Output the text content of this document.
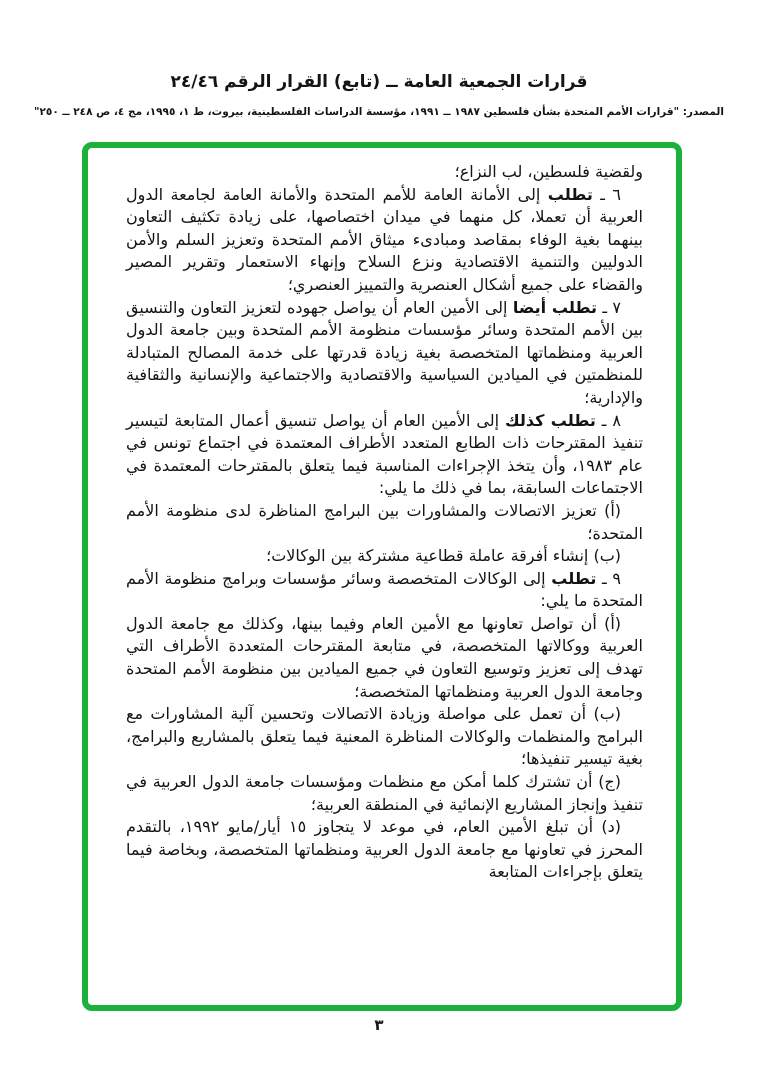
قرارات الجمعية العامة ــ (تابع) القرار الرقم ٢٤/٤٦
المصدر: "قرارات الأمم المتحدة بشأن فلسطين ١٩٨٧ ــ ١٩٩١، مؤسسة الدراسات الفلسطينية، بيروت، ط ١، ١٩٩٥، مج ٤، ص ٢٤٨ ــ ٢٥٠"

ولقضية فلسطين، لب النزاع؛

٦ ـ تطلب إلى الأمانة العامة للأمم المتحدة والأمانة العامة لجامعة الدول العربية أن تعملا، كل منهما في ميدان اختصاصها، على زيادة تكثيف التعاون بينهما بغية الوفاء بمقاصد ومبادىء ميثاق الأمم المتحدة وتعزيز السلم والأمن الدوليين والتنمية الاقتصادية ونزع السلاح وإنهاء الاستعمار وتقرير المصير والقضاء على جميع أشكال العنصرية والتمييز العنصري؛

٧ ـ تطلب أيضا إلى الأمين العام أن يواصل جهوده لتعزيز التعاون والتنسيق بين الأمم المتحدة وسائر مؤسسات منظومة الأمم المتحدة وبين جامعة الدول العربية ومنظماتها المتخصصة بغية زيادة قدرتها على خدمة المصالح المتبادلة للمنظمتين في الميادين السياسية والاقتصادية والاجتماعية والإنسانية والثقافية والإدارية؛

٨ ـ تطلب كذلك إلى الأمين العام أن يواصل تنسيق أعمال المتابعة لتيسير تنفيذ المقترحات ذات الطابع المتعدد الأطراف المعتمدة في اجتماع تونس في عام ١٩٨٣، وأن يتخذ الإجراءات المناسبة فيما يتعلق بالمقترحات المعتمدة في الاجتماعات السابقة، بما في ذلك ما يلي:

(أ) تعزيز الاتصالات والمشاورات بين البرامج المناظرة لدى منظومة الأمم المتحدة؛

(ب) إنشاء أفرقة عاملة قطاعية مشتركة بين الوكالات؛

٩ ـ تطلب إلى الوكالات المتخصصة وسائر مؤسسات وبرامج منظومة الأمم المتحدة ما يلي:

(أ) أن تواصل تعاونها مع الأمين العام وفيما بينها، وكذلك مع جامعة الدول العربية ووكالاتها المتخصصة، في متابعة المقترحات المتعددة الأطراف التي تهدف إلى تعزيز وتوسيع التعاون في جميع الميادين بين منظومة الأمم المتحدة وجامعة الدول العربية ومنظماتها المتخصصة؛

(ب) أن تعمل على مواصلة وزيادة الاتصالات وتحسين آلية المشاورات مع البرامج والمنظمات والوكالات المناظرة المعنية فيما يتعلق بالمشاريع والبرامج، بغية تيسير تنفيذها؛

(ج) أن تشترك كلما أمكن مع منظمات ومؤسسات جامعة الدول العربية في تنفيذ وإنجاز المشاريع الإنمائية في المنطقة العربية؛

(د) أن تبلغ الأمين العام، في موعد لا يتجاوز ١٥ أيار/مايو ١٩٩٢، بالتقدم المحرز في تعاونها مع جامعة الدول العربية ومنظماتها المتخصصة، وبخاصة فيما يتعلق بإجراءات المتابعة

٣
